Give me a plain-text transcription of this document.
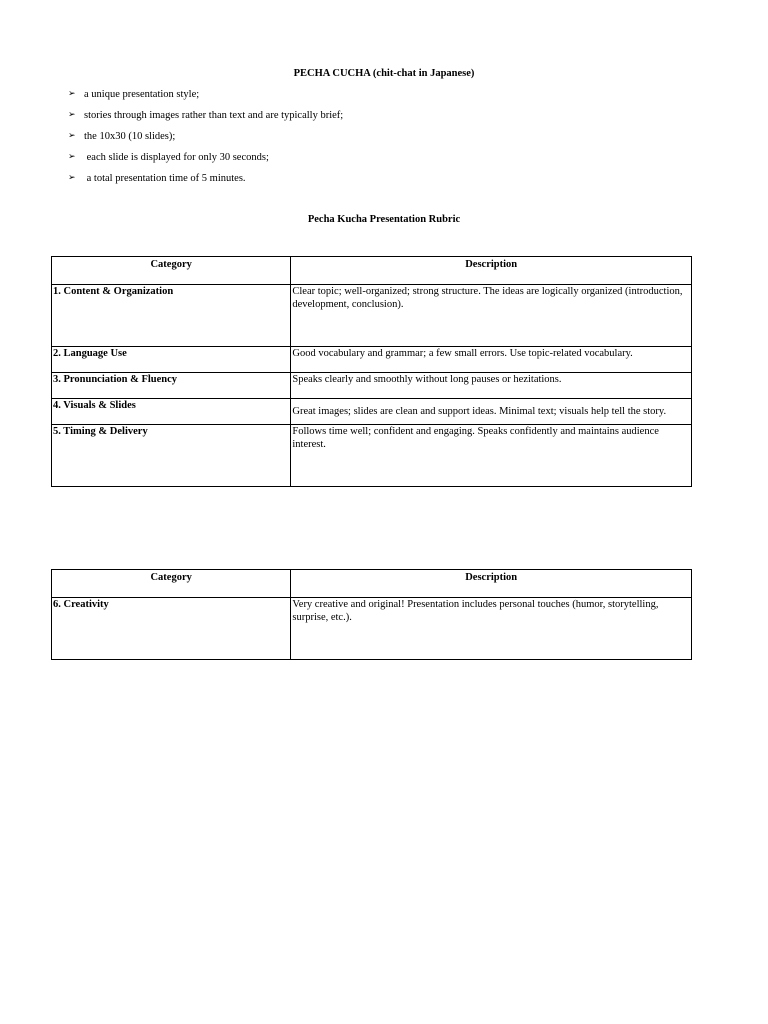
PECHA CUCHA (chit-chat in Japanese)
➢ a unique presentation style;
➢ stories through images rather than text and are typically brief;
➢ the 10x30 (10 slides);
➢ each slide is displayed for only 30 seconds;
➢ a total presentation time of 5 minutes.
Pecha Kucha Presentation Rubric
Category	Description
1. Content & Organization	Clear topic; well-organized; strong structure. The ideas are logically organized (introduction, development, conclusion).
2. Language Use	Good vocabulary and grammar; a few small errors. Use topic-related vocabulary.
3. Pronunciation & Fluency	Speaks clearly and smoothly without long pauses or hezitations.
4. Visuals & Slides	Great images; slides are clean and support ideas. Minimal text; visuals help tell the story.
5. Timing & Delivery	Follows time well; confident and engaging. Speaks confidently and maintains audience interest.
Category	Description
6. Creativity	Very creative and original! Presentation includes personal touches (humor, storytelling, surprise, etc.).
